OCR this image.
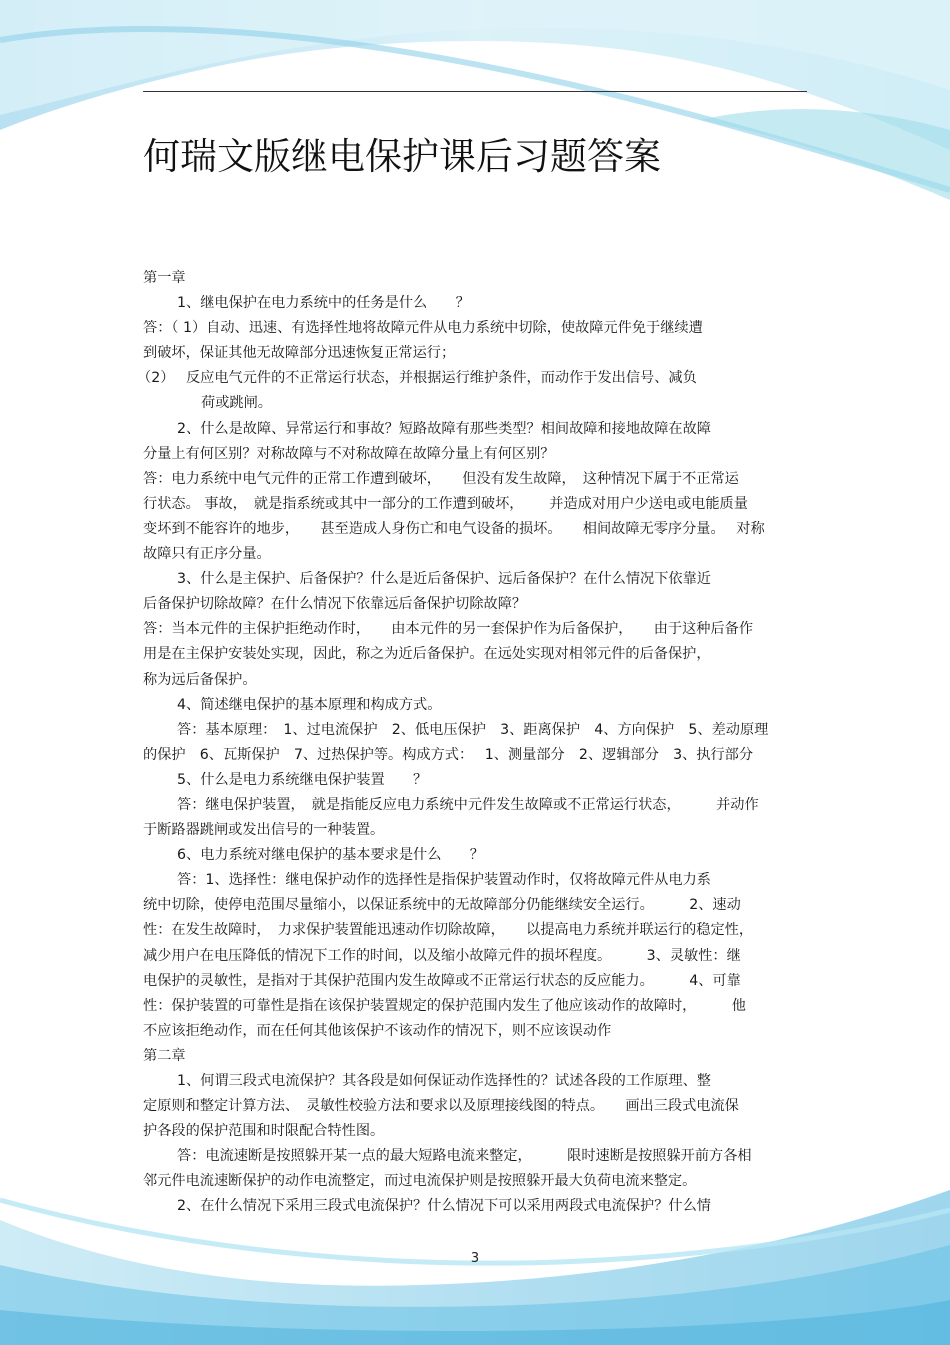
何瑞文版继电保护课后习题答案
第一章
1、继电保护在电力系统中的任务是什么　　？
答：（ 1）自动、迅速、有选择性地将故障元件从电力系统中切除，使故障元件免于继续遭
到破坏，保证其他无故障部分迅速恢复正常运行；
（2）　 反应电气元件的不正常运行状态，并根据运行维护条件，而动作于发出信号、减负
荷或跳闸。
2、什么是故障、异常运行和事故？短路故障有那些类型？相间故障和接地故障在故障
分量上有何区别？对称故障与不对称故障在故障分量上有何区别？
答：电力系统中电气元件的正常工作遭到破坏，　　但没有发生故障，　这种情况下属于不正常运
行状态。 事故，　就是指系统或其中一部分的工作遭到破坏，　　 并造成对用户少送电或电能质量
变坏到不能容许的地步，　　甚至造成人身伤亡和电气设备的损坏。　　相间故障无零序分量。　 对称
故障只有正序分量。
3、什么是主保护、后备保护？什么是近后备保护、远后备保护？在什么情况下依靠近
后备保护切除故障？在什么情况下依靠远后备保护切除故障？
答：当本元件的主保护拒绝动作时，　　由本元件的另一套保护作为后备保护，　　由于这种后备作
用是在主保护安装处实现，因此，称之为近后备保护。在远处实现对相邻元件的后备保护，
称为远后备保护。
4、简述继电保护的基本原理和构成方式。
答：基本原理：　1、过电流保护　2、低电压保护　3、距离保护　4、方向保护　5、差动原理
的保护　6、瓦斯保护　7、过热保护等。构成方式：　 1、测量部分　2、逻辑部分　3、执行部分
5、什么是电力系统继电保护装置　　？
答：继电保护装置，　就是指能反应电力系统中元件发生故障或不正常运行状态，　　　并动作
于断路器跳闸或发出信号的一种装置。
6、电力系统对继电保护的基本要求是什么　　？
答：1、选择性：继电保护动作的选择性是指保护装置动作时，仅将故障元件从电力系
统中切除，使停电范围尽量缩小，以保证系统中的无故障部分仍能继续安全运行。　　　2、速动
性：在发生故障时，　力求保护装置能迅速动作切除故障，　　以提高电力系统并联运行的稳定性，
减少用户在电压降低的情况下工作的时间，以及缩小故障元件的损坏程度。　　　3、灵敏性：继
电保护的灵敏性，是指对于其保护范围内发生故障或不正常运行状态的反应能力。　　　4、可靠
性：保护装置的可靠性是指在该保护装置规定的保护范围内发生了他应该动作的故障时，　　　他
不应该拒绝动作，而在任何其他该保护不该动作的情况下，则不应该误动作
第二章
1、何谓三段式电流保护？其各段是如何保证动作选择性的？试述各段的工作原理、整
定原则和整定计算方法、　灵敏性校验方法和要求以及原理接线图的特点。　　画出三段式电流保
护各段的保护范围和时限配合特性图。
答：电流速断是按照躲开某一点的最大短路电流来整定，　　　限时速断是按照躲开前方各相
邻元件电流速断保护的动作电流整定，而过电流保护则是按照躲开最大负荷电流来整定。
2、在什么情况下采用三段式电流保护？什么情况下可以采用两段式电流保护？什么情
3
